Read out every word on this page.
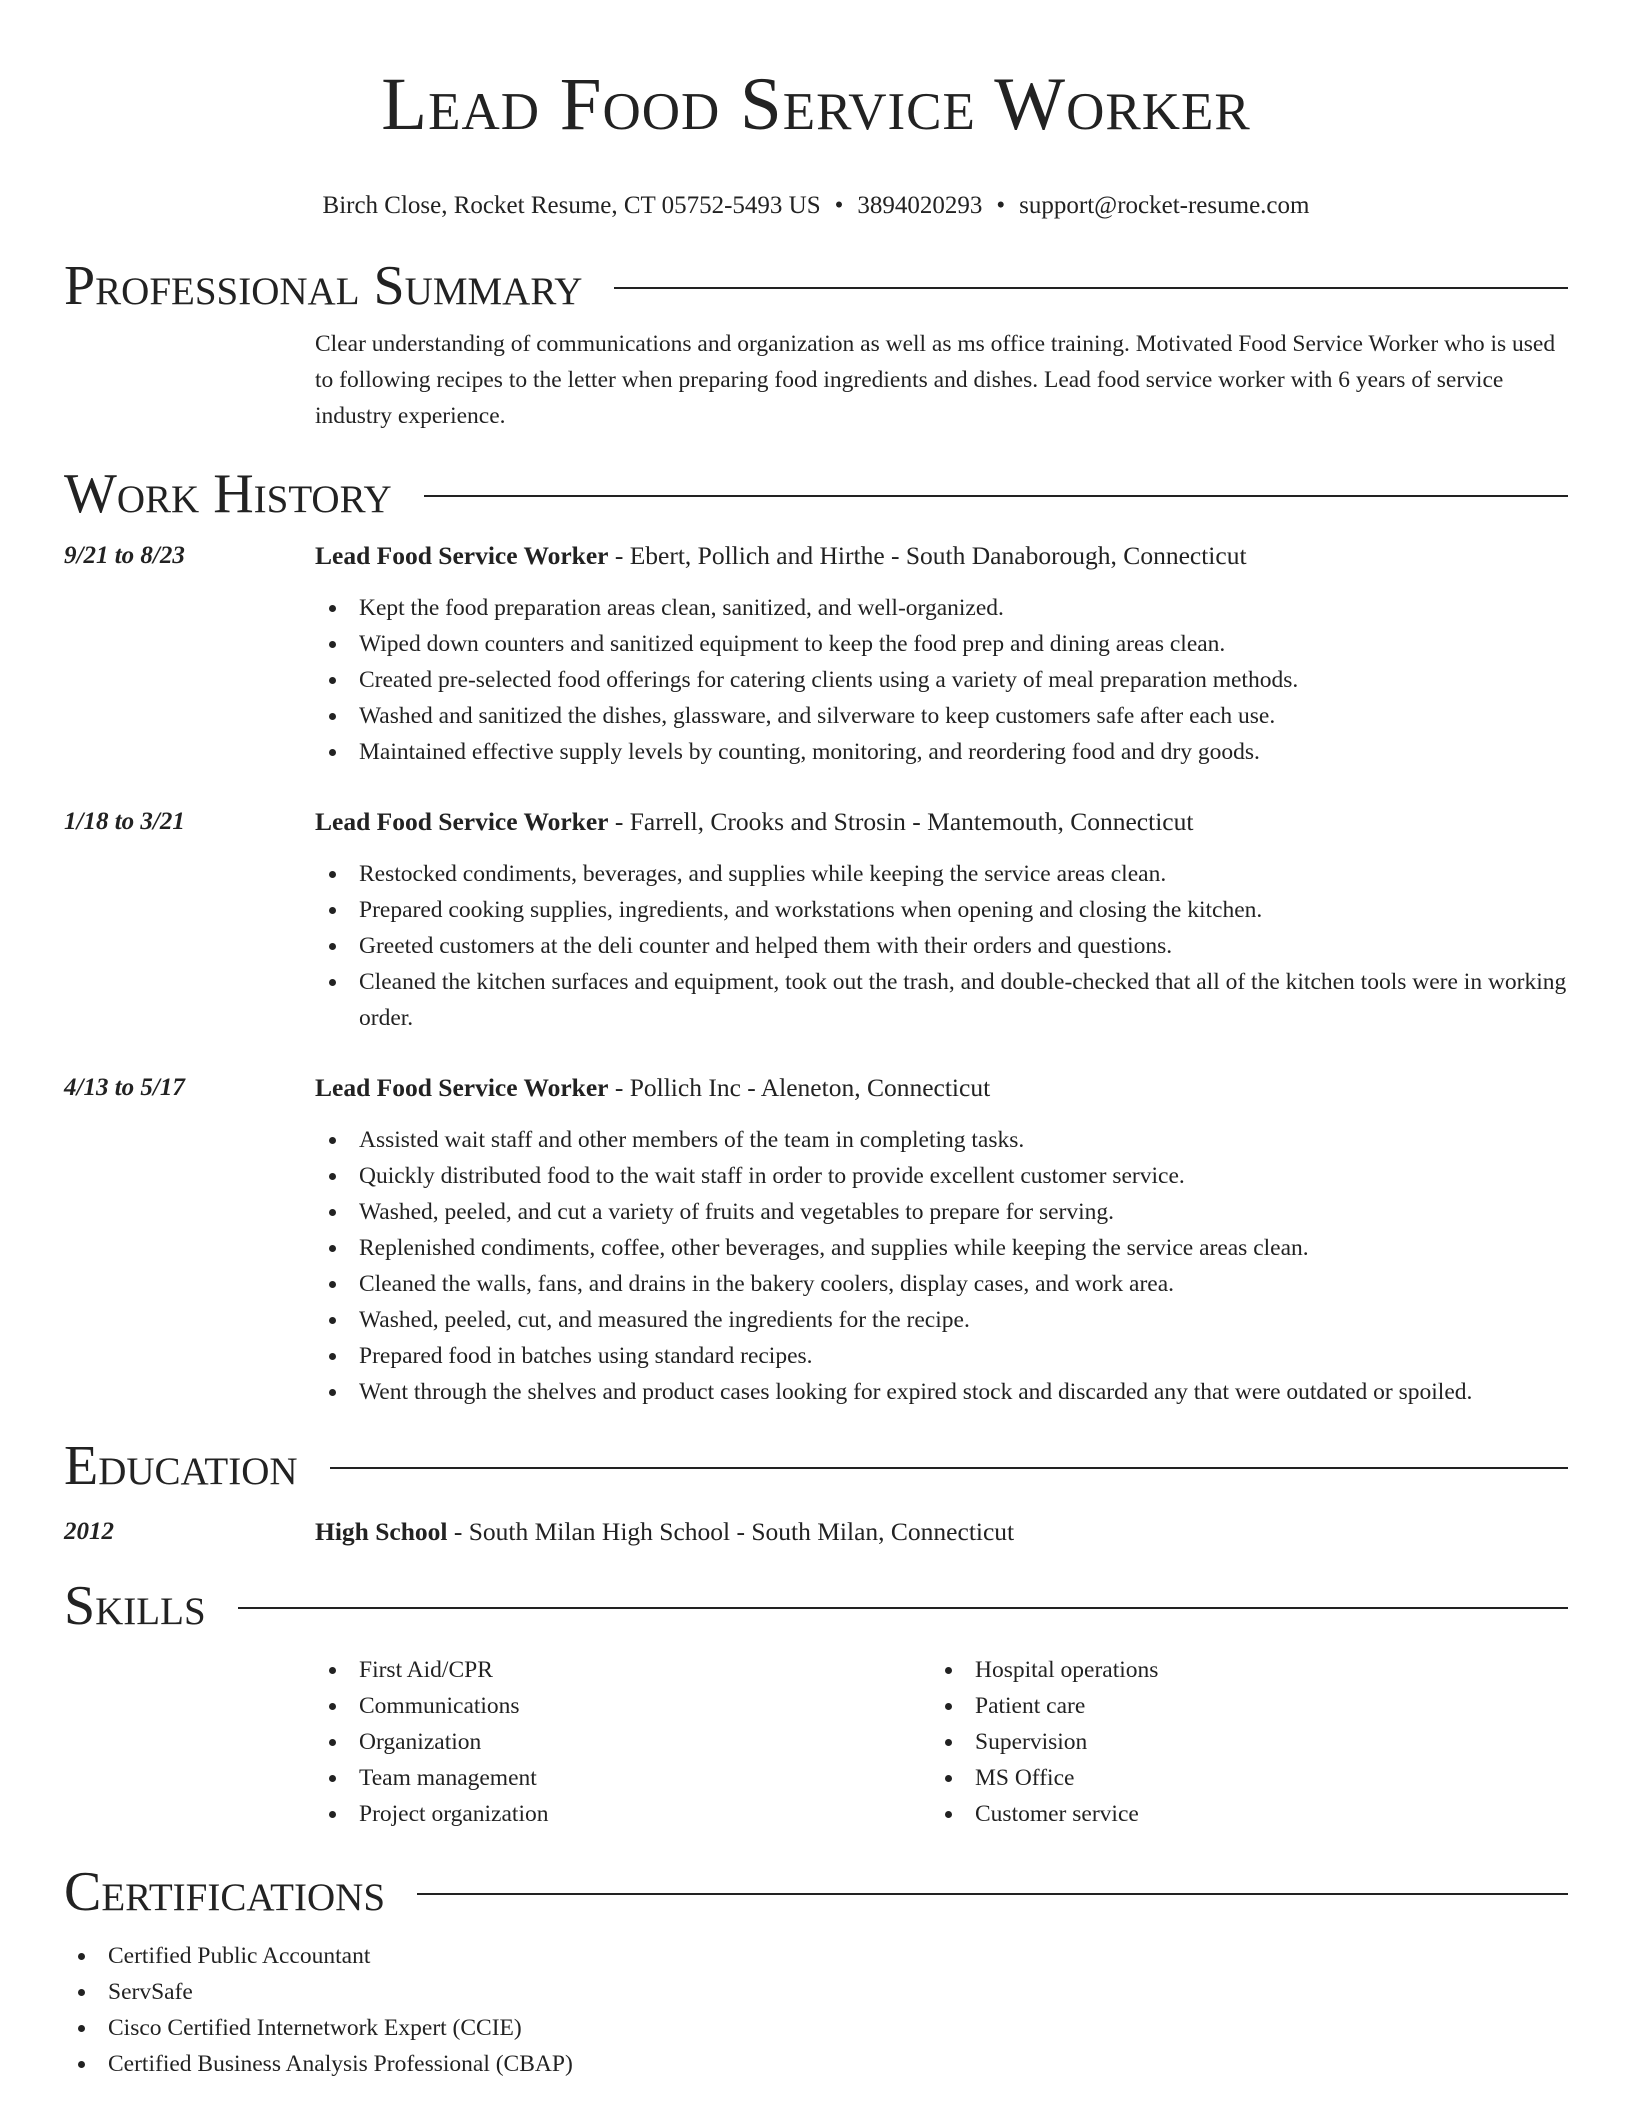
Lead Food Service Worker
Birch Close, Rocket Resume, CT 05752-5493 US • 3894020293 • support@rocket-resume.com
Professional Summary
Clear understanding of communications and organization as well as ms office training. Motivated Food Service Worker who is used to following recipes to the letter when preparing food ingredients and dishes. Lead food service worker with 6 years of service industry experience.
Work History
9/21 to 8/23	Lead Food Service Worker - Ebert, Pollich and Hirthe - South Danaborough, Connecticut
Kept the food preparation areas clean, sanitized, and well-organized.
Wiped down counters and sanitized equipment to keep the food prep and dining areas clean.
Created pre-selected food offerings for catering clients using a variety of meal preparation methods.
Washed and sanitized the dishes, glassware, and silverware to keep customers safe after each use.
Maintained effective supply levels by counting, monitoring, and reordering food and dry goods.
1/18 to 3/21	Lead Food Service Worker - Farrell, Crooks and Strosin - Mantemouth, Connecticut
Restocked condiments, beverages, and supplies while keeping the service areas clean.
Prepared cooking supplies, ingredients, and workstations when opening and closing the kitchen.
Greeted customers at the deli counter and helped them with their orders and questions.
Cleaned the kitchen surfaces and equipment, took out the trash, and double-checked that all of the kitchen tools were in working order.
4/13 to 5/17	Lead Food Service Worker - Pollich Inc - Aleneton, Connecticut
Assisted wait staff and other members of the team in completing tasks.
Quickly distributed food to the wait staff in order to provide excellent customer service.
Washed, peeled, and cut a variety of fruits and vegetables to prepare for serving.
Replenished condiments, coffee, other beverages, and supplies while keeping the service areas clean.
Cleaned the walls, fans, and drains in the bakery coolers, display cases, and work area.
Washed, peeled, cut, and measured the ingredients for the recipe.
Prepared food in batches using standard recipes.
Went through the shelves and product cases looking for expired stock and discarded any that were outdated or spoiled.
Education
2012	High School - South Milan High School - South Milan, Connecticut
Skills
First Aid/CPR
Communications
Organization
Team management
Project organization
Hospital operations
Patient care
Supervision
MS Office
Customer service
Certifications
Certified Public Accountant
ServSafe
Cisco Certified Internetwork Expert (CCIE)
Certified Business Analysis Professional (CBAP)
